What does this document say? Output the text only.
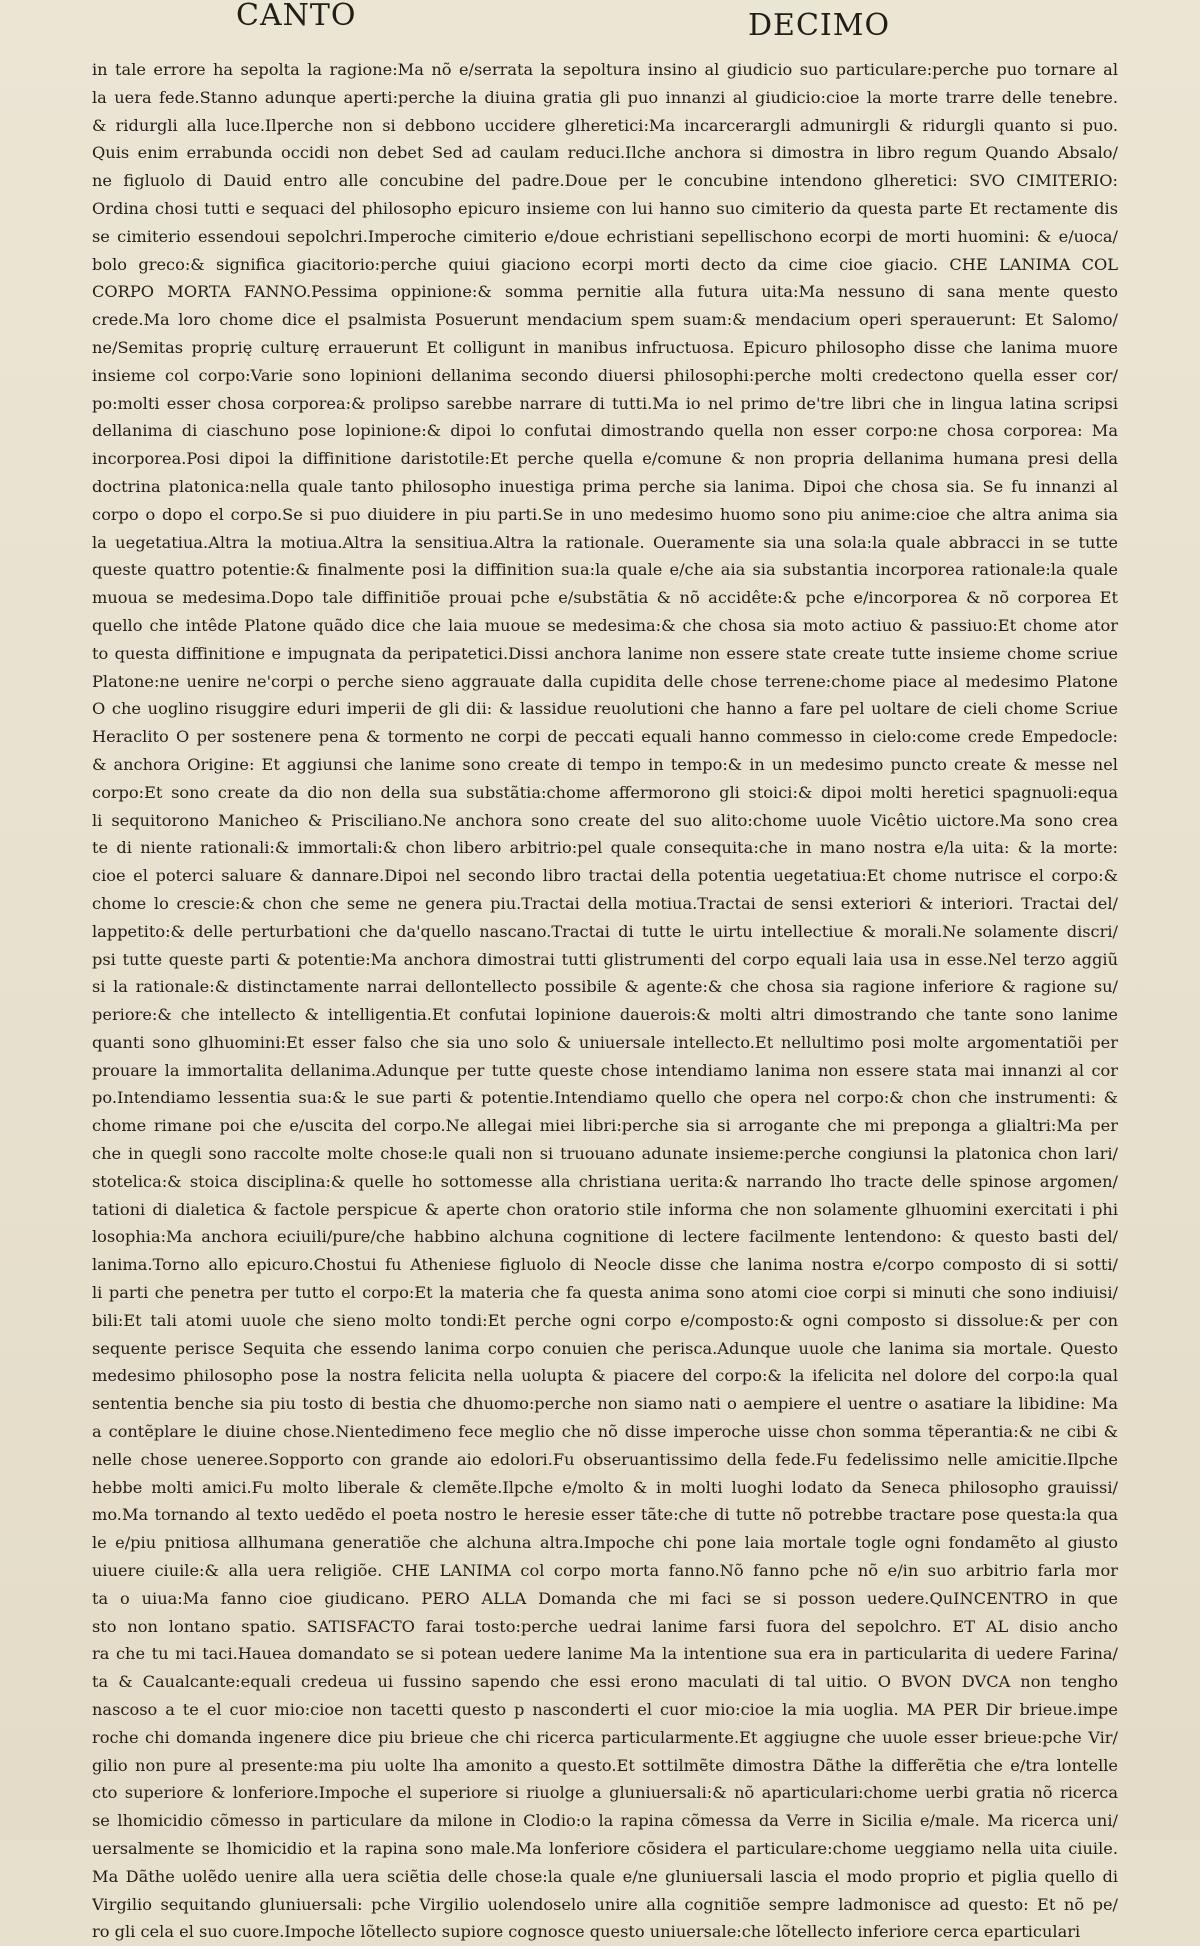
CANTO	DECIMO
in tale errore ha sepolta la ragione:Ma nõ e/serrata la sepoltura insino al giudicio suo particulare:perche puo tornare al
la uera fede.Stanno adunque aperti:perche la diuina gratia gli puo innanzi al giudicio:cioe la morte trarre delle tenebre.
& ridurgli alla luce.Ilperche non si debbono uccidere glheretici:Ma incarcerargli admunirgli & ridurgli quanto si puo.
Quis enim errabunda occidi non debet Sed ad caulam reduci.Ilche anchora si dimostra in libro regum Quando Absalo/
ne figluolo di Dauid entro alle concubine del padre.Doue per le concubine intendono glheretici: SVO CIMITERIO:
Ordina chosi tutti e sequaci del philosopho epicuro insieme con lui hanno suo cimiterio da questa parte Et rectamente dis
se cimiterio essendoui sepolchri.Imperoche cimiterio e/doue echristiani sepellischono ecorpi de morti huomini: & e/uoca/
bolo greco:& significa giacitorio:perche quiui giaciono ecorpi morti decto da cime cioe giacio. CHE LANIMA COL
CORPO MORTA FANNO.Pessima oppinione:& somma pernitie alla futura uita:Ma nessuno di sana mente questo
crede.Ma loro chome dice el psalmista Posuerunt mendacium spem suam:& mendacium operi sperauerunt: Et Salomo/
ne/Semitas proprię culturę errauerunt Et colligunt in manibus infructuosa. Epicuro philosopho disse che lanima muore
insieme col corpo:Varie sono lopinioni dellanima secondo diuersi philosophi:perche molti credectono quella esser cor/
po:molti esser chosa corporea:& prolipso sarebbe narrare di tutti.Ma io nel primo de'tre libri che in lingua latina scripsi
dellanima di ciaschuno pose lopinione:& dipoi lo confutai dimostrando quella non esser corpo:ne chosa corporea: Ma
incorporea.Posi dipoi la diffinitione daristotile:Et perche quella e/comune & non propria dellanima humana presi della
doctrina platonica:nella quale tanto philosopho inuestiga prima perche sia lanima. Dipoi che chosa sia. Se fu innanzi al
corpo o dopo el corpo.Se si puo diuidere in piu parti.Se in uno medesimo huomo sono piu anime:cioe che altra anima sia
la uegetatiua.Altra la motiua.Altra la sensitiua.Altra la rationale. Oueramente sia una sola:la quale abbracci in se tutte
queste quattro potentie:& finalmente posi la diffinition sua:la quale e/che aia sia substantia incorporea rationale:la quale
muoua se medesima.Dopo tale diffinitiõe prouai pche e/substãtia & nõ accidête:& pche e/incorporea & nõ corporea Et
quello che intêde Platone quãdo dice che laia muoue se medesima:& che chosa sia moto actiuo & passiuo:Et chome ator
to questa diffinitione e impugnata da peripatetici.Dissi anchora lanime non essere state create tutte insieme chome scriue
Platone:ne uenire ne'corpi o perche sieno aggrauate dalla cupidita delle chose terrene:chome piace al medesimo Platone
O che uoglino risuggire eduri imperii de gli dii: & lassidue reuolutioni che hanno a fare pel uoltare de cieli chome Scriue
Heraclito O per sostenere pena & tormento ne corpi de peccati equali hanno commesso in cielo:come crede Empedocle:
& anchora Origine: Et aggiunsi che lanime sono create di tempo in tempo:& in un medesimo puncto create & messe nel
corpo:Et sono create da dio non della sua substãtia:chome affermorono gli stoici:& dipoi molti heretici spagnuoli:equa
li sequitorono Manicheo & Prisciliano.Ne anchora sono create del suo alito:chome uuole Vicêtio uictore.Ma sono crea
te di niente rationali:& immortali:& chon libero arbitrio:pel quale consequita:che in mano nostra e/la uita: & la morte:
cioe el poterci saluare & dannare.Dipoi nel secondo libro tractai della potentia uegetatiua:Et chome nutrisce el corpo:&
chome lo crescie:& chon che seme ne genera piu.Tractai della motiua.Tractai de sensi exteriori & interiori. Tractai del/
lappetito:& delle perturbationi che da'quello nascano.Tractai di tutte le uirtu intellectiue & morali.Ne solamente discri/
psi tutte queste parti & potentie:Ma anchora dimostrai tutti glistrumenti del corpo equali laia usa in esse.Nel terzo aggiũ
si la rationale:& distinctamente narrai dellontellecto possibile & agente:& che chosa sia ragione inferiore & ragione su/
periore:& che intellecto & intelligentia.Et confutai lopinione dauerois:& molti altri dimostrando che tante sono lanime
quanti sono glhuomini:Et esser falso che sia uno solo & uniuersale intellecto.Et nellultimo posi molte argomentatiõi per
prouare la immortalita dellanima.Adunque per tutte queste chose intendiamo lanima non essere stata mai innanzi al cor
po.Intendiamo lessentia sua:& le sue parti & potentie.Intendiamo quello che opera nel corpo:& chon che instrumenti: &
chome rimane poi che e/uscita del corpo.Ne allegai miei libri:perche sia si arrogante che mi preponga a glialtri:Ma per
che in quegli sono raccolte molte chose:le quali non si truouano adunate insieme:perche congiunsi la platonica chon lari/
stotelica:& stoica disciplina:& quelle ho sottomesse alla christiana uerita:& narrando lho tracte delle spinose argomen/
tationi di dialetica & factole perspicue & aperte chon oratorio stile informa che non solamente glhuomini exercitati i phi
losophia:Ma anchora eciuili/pure/che habbino alchuna cognitione di lectere facilmente lentendono: & questo basti del/
lanima.Torno allo epicuro.Chostui fu Atheniese figluolo di Neocle disse che lanima nostra e/corpo composto di si sotti/
li parti che penetra per tutto el corpo:Et la materia che fa questa anima sono atomi cioe corpi si minuti che sono indiuisi/
bili:Et tali atomi uuole che sieno molto tondi:Et perche ogni corpo e/composto:& ogni composto si dissolue:& per con
sequente perisce Sequita che essendo lanima corpo conuien che perisca.Adunque uuole che lanima sia mortale. Questo
medesimo philosopho pose la nostra felicita nella uolupta & piacere del corpo:& la ifelicita nel dolore del corpo:la qual
sententia benche sia piu tosto di bestia che dhuomo:perche non siamo nati o aempiere el uentre o asatiare la libidine: Ma
a contẽplare le diuine chose.Nientedimeno fece meglio che nõ disse imperoche uisse chon somma tẽperantia:& ne cibi &
nelle chose ueneree.Sopporto con grande aio edolori.Fu obseruantissimo della fede.Fu fedelissimo nelle amicitie.Ilpche
hebbe molti amici.Fu molto liberale & clemẽte.Ilpche e/molto & in molti luoghi lodato da Seneca philosopho grauissi/
mo.Ma tornando al texto uedẽdo el poeta nostro le heresie esser tãte:che di tutte nõ potrebbe tractare pose questa:la qua
le e/piu pnitiosa allhumana generatiõe che alchuna altra.Impoche chi pone laia mortale togle ogni fondamẽto al giusto
uiuere ciuile:& alla uera religiõe. CHE LANIMA col corpo morta fanno.Nõ fanno pche nõ e/in suo arbitrio farla mor
ta o uiua:Ma fanno cioe giudicano. PERO ALLA Domanda che mi faci se si posson uedere.QuINCENTRO in que
sto non lontano spatio. SATISFACTO farai tosto:perche uedrai lanime farsi fuora del sepolchro. ET AL disio ancho
ra che tu mi taci.Hauea domandato se si potean uedere lanime Ma la intentione sua era in particularita di uedere Farina/
ta & Caualcante:equali credeua ui fussino sapendo che essi erono maculati di tal uitio. O BVON DVCA non tengho
nascoso a te el cuor mio:cioe non tacetti questo p nasconderti el cuor mio:cioe la mia uoglia. MA PER Dir brieue.impe
roche chi domanda ingenere dice piu brieue che chi ricerca particularmente.Et aggiugne che uuole esser brieue:pche Vir/
gilio non pure al presente:ma piu uolte lha amonito a questo.Et sottilmẽte dimostra Dãthe la differẽtia che e/tra lontelle
cto superiore & lonferiore.Impoche el superiore si riuolge a gluniuersali:& nõ aparticulari:chome uerbi gratia nõ ricerca
se lhomicidio cõmesso in particulare da milone in Clodio:o la rapina cõmessa da Verre in Sicilia e/male. Ma ricerca uni/
uersalmente se lhomicidio et la rapina sono male.Ma lonferiore cõsidera el particulare:chome ueggiamo nella uita ciuile.
Ma Dãthe uolẽdo uenire alla uera sciẽtia delle chose:la quale e/ne gluniuersali lascia el modo proprio et piglia quello di
Virgilio sequitando gluniuersali: pche Virgilio uolendoselo unire alla cognitiõe sempre ladmonisce ad questo: Et nõ pe/
ro gli cela el suo cuore.Impoche lõtellecto supiore cognosce questo uniuersale:che lõtellecto inferiore cerca eparticulari
